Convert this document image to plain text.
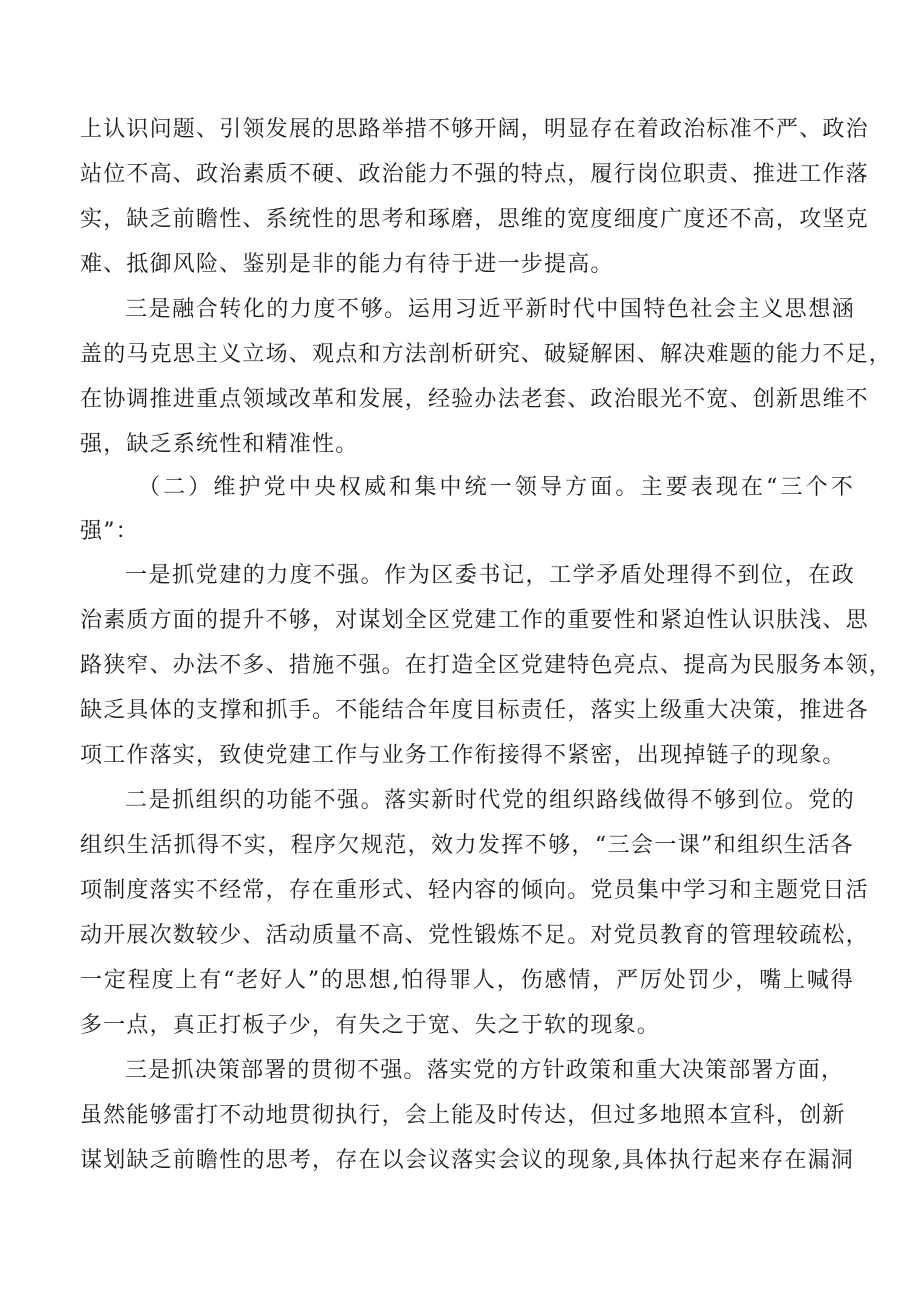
上认识问题、引领发展的思路举措不够开阔，明显存在着政治标准不严、政治
站位不高、政治素质不硬、政治能力不强的特点，履行岗位职责、推进工作落
实，缺乏前瞻性、系统性的思考和琢磨，思维的宽度细度广度还不高，攻坚克
难、抵御风险、鉴别是非的能力有待于进一步提高。
三是融合转化的力度不够。运用习近平新时代中国特色社会主义思想涵
盖的马克思主义立场、观点和方法剖析研究、破疑解困、解决难题的能力不足，
在协调推进重点领域改革和发展，经验办法老套、政治眼光不宽、创新思维不
强，缺乏系统性和精准性。
（二）维护党中央权威和集中统一领导方面。主要表现在“三个不
强”：
一是抓党建的力度不强。作为区委书记，工学矛盾处理得不到位，在政
治素质方面的提升不够，对谋划全区党建工作的重要性和紧迫性认识肤浅、思
路狭窄、办法不多、措施不强。在打造全区党建特色亮点、提高为民服务本领，
缺乏具体的支撑和抓手。不能结合年度目标责任，落实上级重大决策，推进各
项工作落实，致使党建工作与业务工作衔接得不紧密，出现掉链子的现象。
二是抓组织的功能不强。落实新时代党的组织路线做得不够到位。党的
组织生活抓得不实，程序欠规范，效力发挥不够，“三会一课”和组织生活各
项制度落实不经常，存在重形式、轻内容的倾向。党员集中学习和主题党日活
动开展次数较少、活动质量不高、党性锻炼不足。对党员教育的管理较疏松，
一定程度上有“老好人”的思想,怕得罪人，伤感情，严厉处罚少，嘴上喊得
多一点，真正打板子少，有失之于宽、失之于软的现象。
三是抓决策部署的贯彻不强。落实党的方针政策和重大决策部署方面，
虽然能够雷打不动地贯彻执行，会上能及时传达，但过多地照本宣科，创新
谋划缺乏前瞻性的思考，存在以会议落实会议的现象,具体执行起来存在漏洞
